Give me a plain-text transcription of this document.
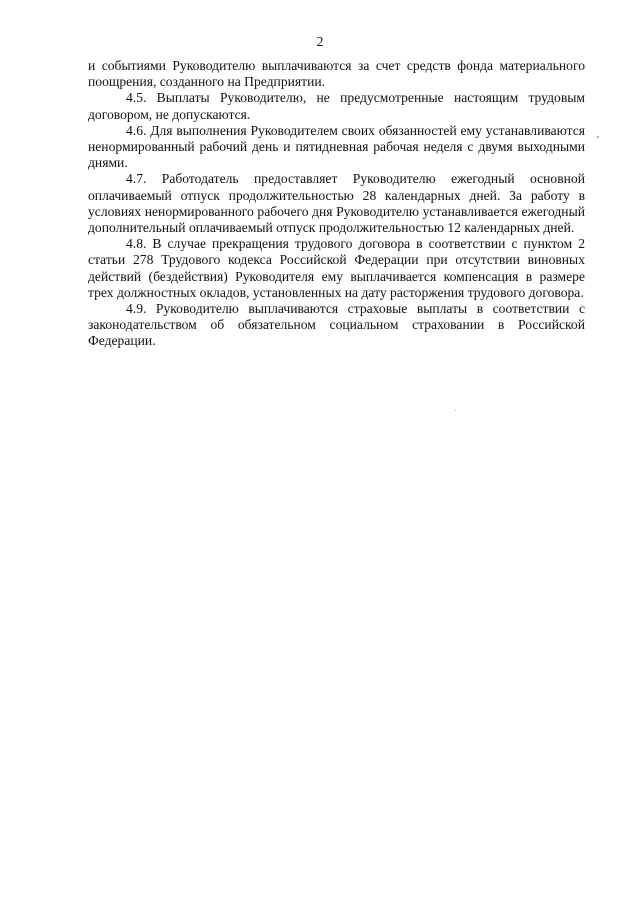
2

и событиями Руководителю выплачиваются за счет средств фонда материального поощрения, созданного на Предприятии.

4.5. Выплаты Руководителю, не предусмотренные настоящим трудовым договором, не допускаются.

4.6. Для выполнения Руководителем своих обязанностей ему устанавливаются ненормированный рабочий день и пятидневная рабочая неделя с двумя выходными днями.

4.7. Работодатель предоставляет Руководителю ежегодный основной оплачиваемый отпуск продолжительностью 28 календарных дней. За работу в условиях ненормированного рабочего дня Руководителю устанавливается ежегодный дополнительный оплачиваемый отпуск продолжительностью 12 календарных дней.

4.8. В случае прекращения трудового договора в соответствии с пунктом 2 статьи 278 Трудового кодекса Российской Федерации при отсутствии виновных действий (бездействия) Руководителя ему выплачивается компенсация в размере трех должностных окладов, установленных на дату расторжения трудового договора.

4.9. Руководителю выплачиваются страховые выплаты в соответствии с законодательством об обязательном социальном страховании в Российской Федерации.
